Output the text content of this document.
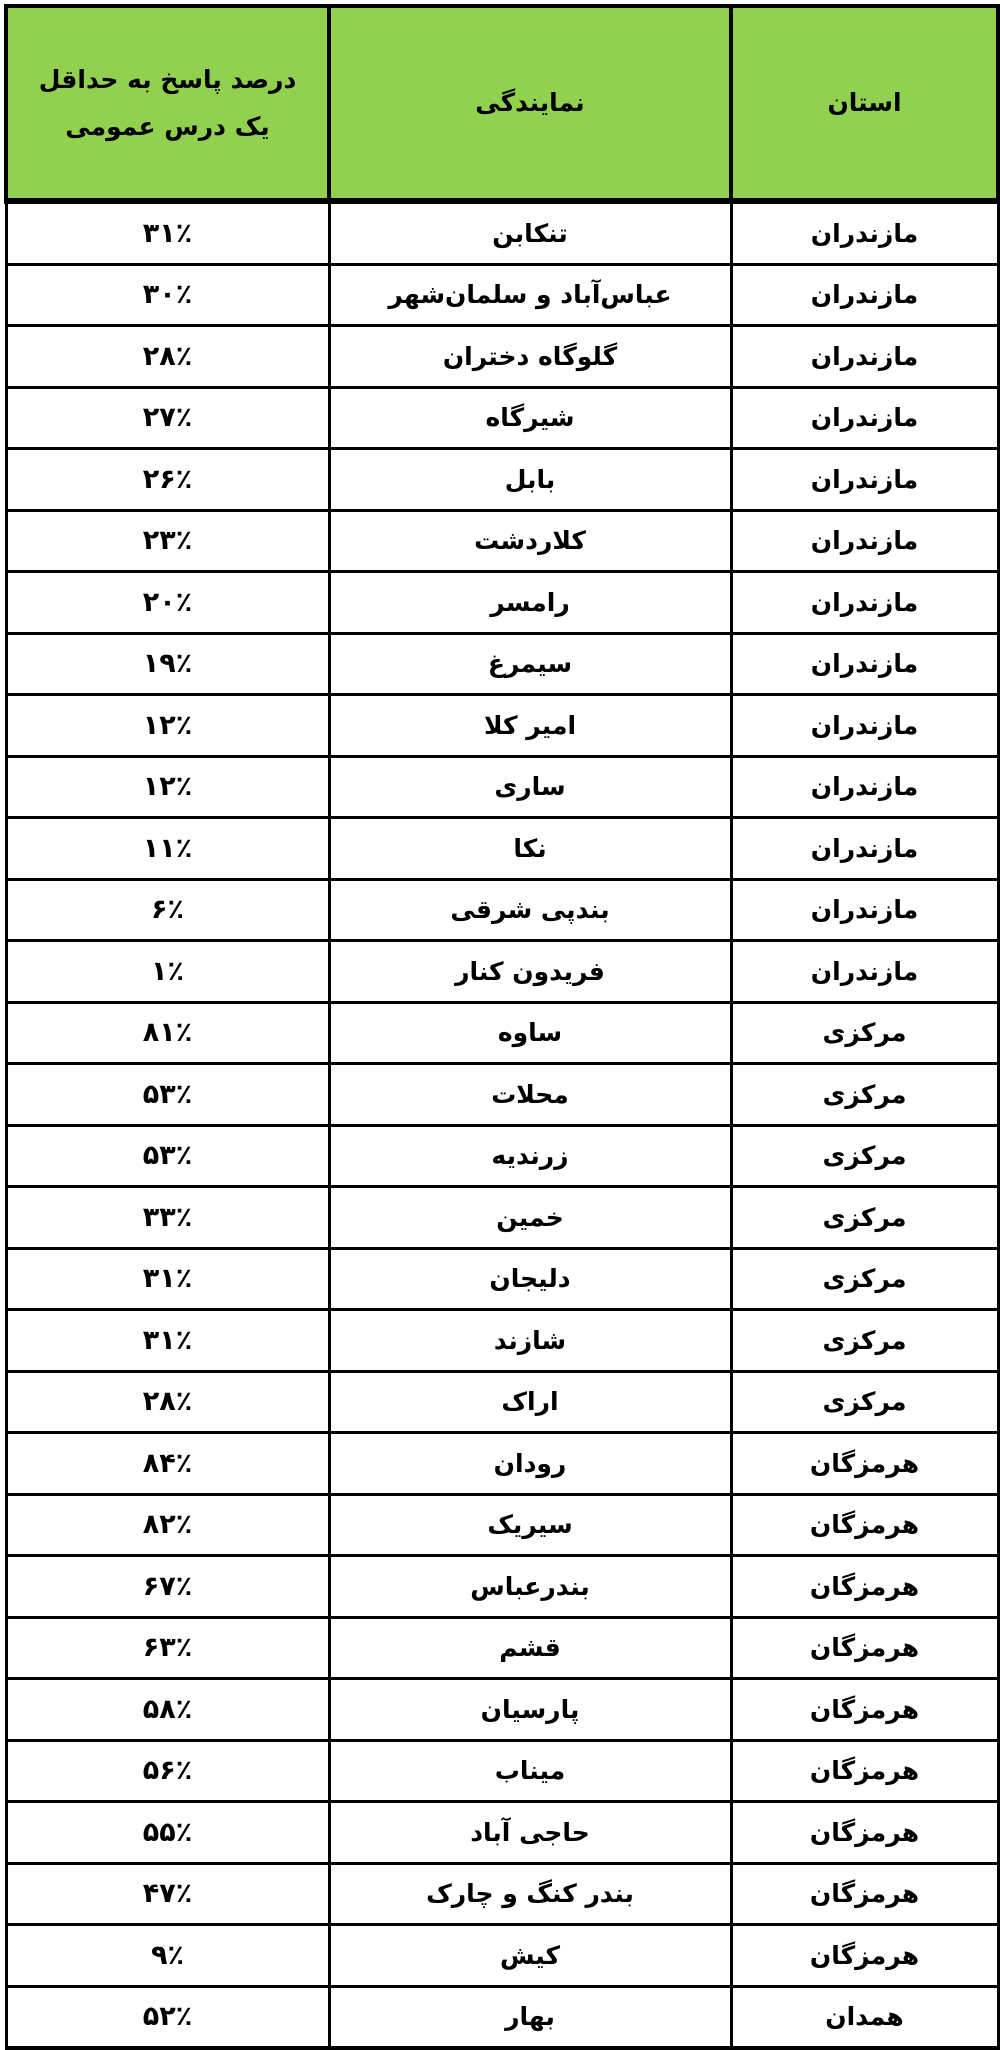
درصد پاسخ به حداقل یک درس عمومی	نمایندگی	استان
۳۱٪	تنکابن	مازندران
۳۰٪	عباس‌آباد و سلمان‌شهر	مازندران
۲۸٪	گلوگاه دختران	مازندران
۲۷٪	شیرگاه	مازندران
۲۶٪	بابل	مازندران
۲۳٪	کلاردشت	مازندران
۲۰٪	رامسر	مازندران
۱۹٪	سیمرغ	مازندران
۱۲٪	امیر کلا	مازندران
۱۲٪	ساری	مازندران
۱۱٪	نکا	مازندران
۶٪	بندپی شرقی	مازندران
۱٪	فریدون کنار	مازندران
۸۱٪	ساوه	مرکزی
۵۳٪	محلات	مرکزی
۵۳٪	زرندیه	مرکزی
۳۳٪	خمین	مرکزی
۳۱٪	دلیجان	مرکزی
۳۱٪	شازند	مرکزی
۲۸٪	اراک	مرکزی
۸۴٪	رودان	هرمزگان
۸۲٪	سیریک	هرمزگان
۶۷٪	بندرعباس	هرمزگان
۶۳٪	قشم	هرمزگان
۵۸٪	پارسیان	هرمزگان
۵۶٪	میناب	هرمزگان
۵۵٪	حاجی آباد	هرمزگان
۴۷٪	بندر کنگ و چارک	هرمزگان
۹٪	کیش	هرمزگان
۵۲٪	بهار	همدان
